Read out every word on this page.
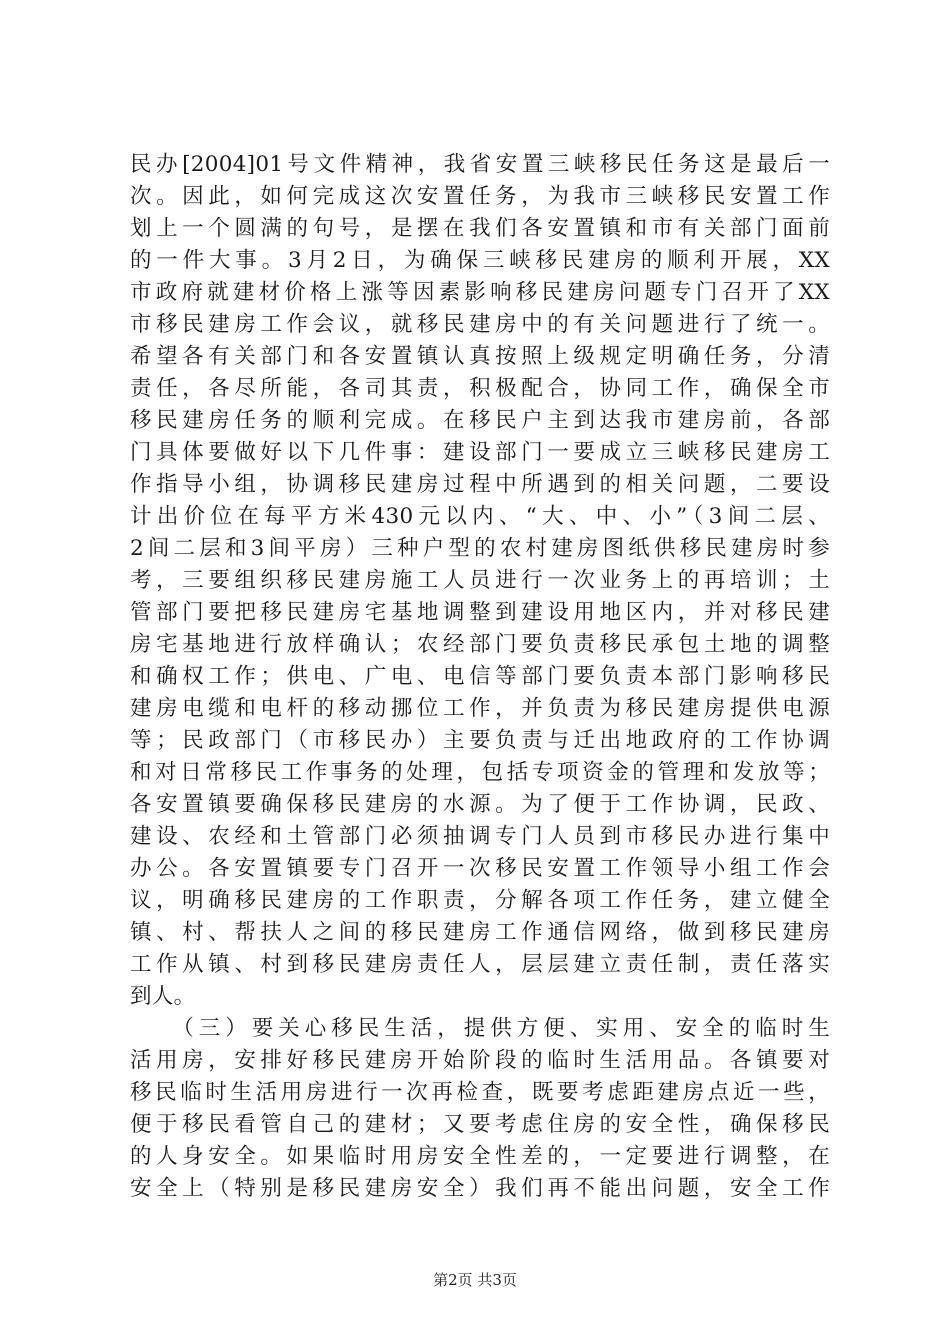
民办[2004]01号文件精神，我省安置三峡移民任务这是最后一
次。因此，如何完成这次安置任务，为我市三峡移民安置工作
划上一个圆满的句号，是摆在我们各安置镇和市有关部门面前
的一件大事。3月2日，为确保三峡移民建房的顺利开展，XX
市政府就建材价格上涨等因素影响移民建房问题专门召开了XX
市移民建房工作会议，就移民建房中的有关问题进行了统一。
希望各有关部门和各安置镇认真按照上级规定明确任务，分清
责任，各尽所能，各司其责，积极配合，协同工作，确保全市
移民建房任务的顺利完成。在移民户主到达我市建房前，各部
门具体要做好以下几件事：建设部门一要成立三峡移民建房工
作指导小组，协调移民建房过程中所遇到的相关问题，二要设
计出价位在每平方米430元以内、“大、中、小”（3间二层、
2间二层和3间平房）三种户型的农村建房图纸供移民建房时参
考，三要组织移民建房施工人员进行一次业务上的再培训；土
管部门要把移民建房宅基地调整到建设用地区内，并对移民建
房宅基地进行放样确认；农经部门要负责移民承包土地的调整
和确权工作；供电、广电、电信等部门要负责本部门影响移民
建房电缆和电杆的移动挪位工作，并负责为移民建房提供电源
等；民政部门（市移民办）主要负责与迁出地政府的工作协调
和对日常移民工作事务的处理，包括专项资金的管理和发放等；
各安置镇要确保移民建房的水源。为了便于工作协调，民政、
建设、农经和土管部门必须抽调专门人员到市移民办进行集中
办公。各安置镇要专门召开一次移民安置工作领导小组工作会
议，明确移民建房的工作职责，分解各项工作任务，建立健全
镇、村、帮扶人之间的移民建房工作通信网络，做到移民建房
工作从镇、村到移民建房责任人，层层建立责任制，责任落实
到人。
　　（三）要关心移民生活，提供方便、实用、安全的临时生
活用房，安排好移民建房开始阶段的临时生活用品。各镇要对
移民临时生活用房进行一次再检查，既要考虑距建房点近一些，
便于移民看管自己的建材；又要考虑住房的安全性，确保移民
的人身安全。如果临时用房安全性差的，一定要进行调整，在
安全上（特别是移民建房安全）我们再不能出问题，安全工作
第2页 共3页
